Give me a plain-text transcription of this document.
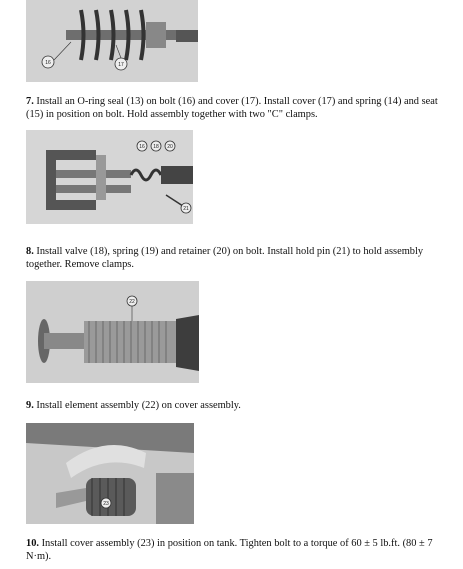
16	17

7. Install an O-ring seal (13) on bolt (16) and cover (17). Install cover (17) and spring (14) and seat (15) in position on bolt. Hold assembly together with two "C" clamps.

16 18 20
21

8. Install valve (18), spring (19) and retainer (20) on bolt. Install hold pin (21) to hold assembly together. Remove clamps.

22

9. Install element assembly (22) on cover assembly.

23

10. Install cover assembly (23) in position on tank. Tighten bolt to a torque of 60 ± 5 lb.ft. (80 ± 7 N·m).
